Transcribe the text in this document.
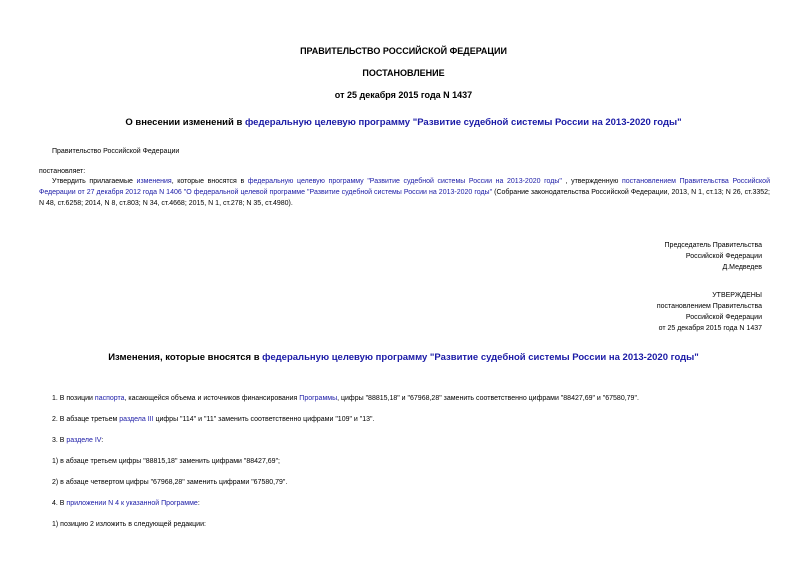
ПРАВИТЕЛЬСТВО РОССИЙСКОЙ ФЕДЕРАЦИИ
ПОСТАНОВЛЕНИЕ
от 25 декабря 2015 года N 1437
О внесении изменений в федеральную целевую программу "Развитие судебной системы России на 2013-2020 годы"
Правительство Российской Федерации
постановляет:
Утвердить прилагаемые изменения, которые вносятся в федеральную целевую программу "Развитие судебной системы России на 2013-2020 годы" , утвержденную постановлением Правительства Российской Федерации от 27 декабря 2012 года N 1406 "О федеральной целевой программе "Развитие судебной системы России на 2013-2020 годы" (Собрание законодательства Российской Федерации, 2013, N 1, ст.13; N 26, ст.3352; N 48, ст.6258; 2014, N 8, ст.803; N 34, ст.4668; 2015, N 1, ст.278; N 35, ст.4980).
Председатель Правительства
Российской Федерации
Д.Медведев
УТВЕРЖДЕНЫ
постановлением Правительства
Российской Федерации
от 25 декабря 2015 года N 1437
Изменения, которые вносятся в федеральную целевую программу "Развитие судебной системы России на 2013-2020 годы"
1. В позиции паспорта, касающейся объема и источников финансирования Программы, цифры "88815,18" и "67968,28" заменить соответственно цифрами "88427,69" и "67580,79".
2. В абзаце третьем раздела III цифры "114" и "11" заменить соответственно цифрами "109" и "13".
3. В разделе IV:
1) в абзаце третьем цифры "88815,18" заменить цифрами "88427,69";
2) в абзаце четвертом цифры "67968,28" заменить цифрами "67580,79".
4. В приложении N 4 к указанной Программе:
1) позицию 2 изложить в следующей редакции:
